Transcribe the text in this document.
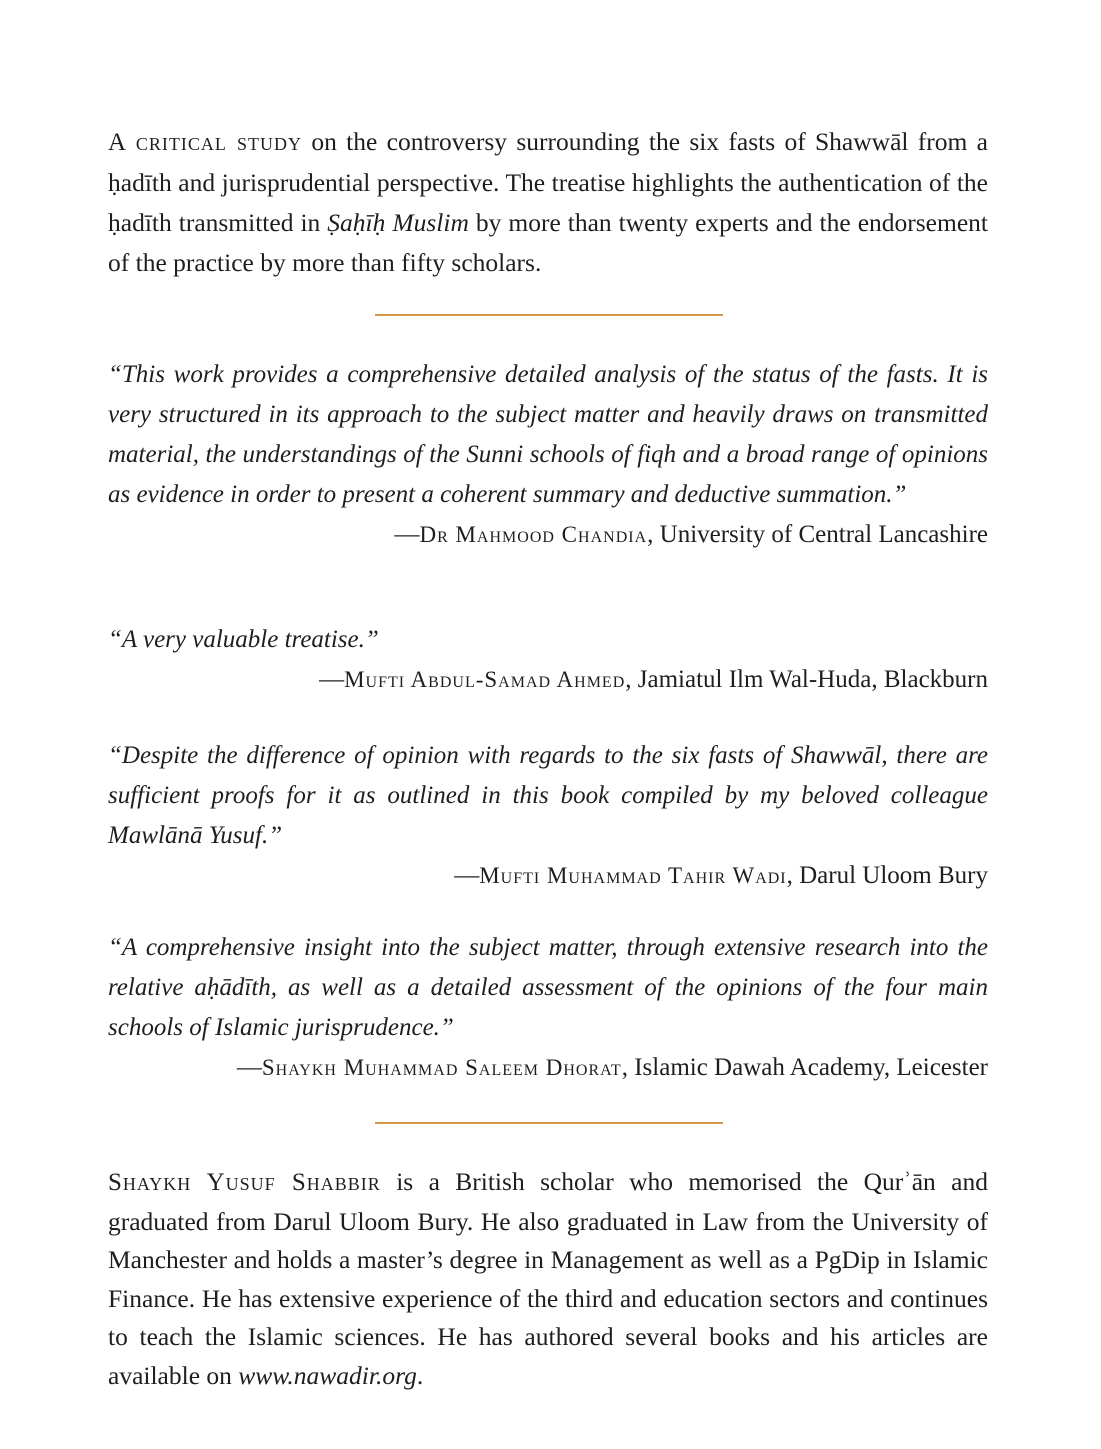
A critical study on the controversy surrounding the six fasts of Shawwāl from a ḥadīth and jurisprudential perspective. The treatise highlights the authentication of the ḥadīth transmitted in Ṣaḥīḥ Muslim by more than twenty experts and the endorsement of the practice by more than fifty scholars.

“This work provides a comprehensive detailed analysis of the status of the fasts. It is very structured in its approach to the subject matter and heavily draws on transmitted material, the understandings of the Sunni schools of fiqh and a broad range of opinions as evidence in order to present a coherent summary and deductive summation.”
—Dr Mahmood Chandia, University of Central Lancashire
“A very valuable treatise.”
—Mufti Abdul-Samad Ahmed, Jamiatul Ilm Wal-Huda, Blackburn
“Despite the difference of opinion with regards to the six fasts of Shawwāl, there are sufficient proofs for it as outlined in this book compiled by my beloved colleague Mawlānā Yusuf.”
—Mufti Muhammad Tahir Wadi, Darul Uloom Bury
“A comprehensive insight into the subject matter, through extensive research into the relative aḥādīth, as well as a detailed assessment of the opinions of the four main schools of Islamic jurisprudence.”
—Shaykh Muhammad Saleem Dhorat, Islamic Dawah Academy, Leicester

Shaykh Yusuf Shabbir is a British scholar who memorised the Qurʾān and graduated from Darul Uloom Bury. He also graduated in Law from the University of Manchester and holds a master’s degree in Management as well as a PgDip in Islamic Finance. He has extensive experience of the third and education sectors and continues to teach the Islamic sciences. He has authored several books and his articles are available on www.nawadir.org.
